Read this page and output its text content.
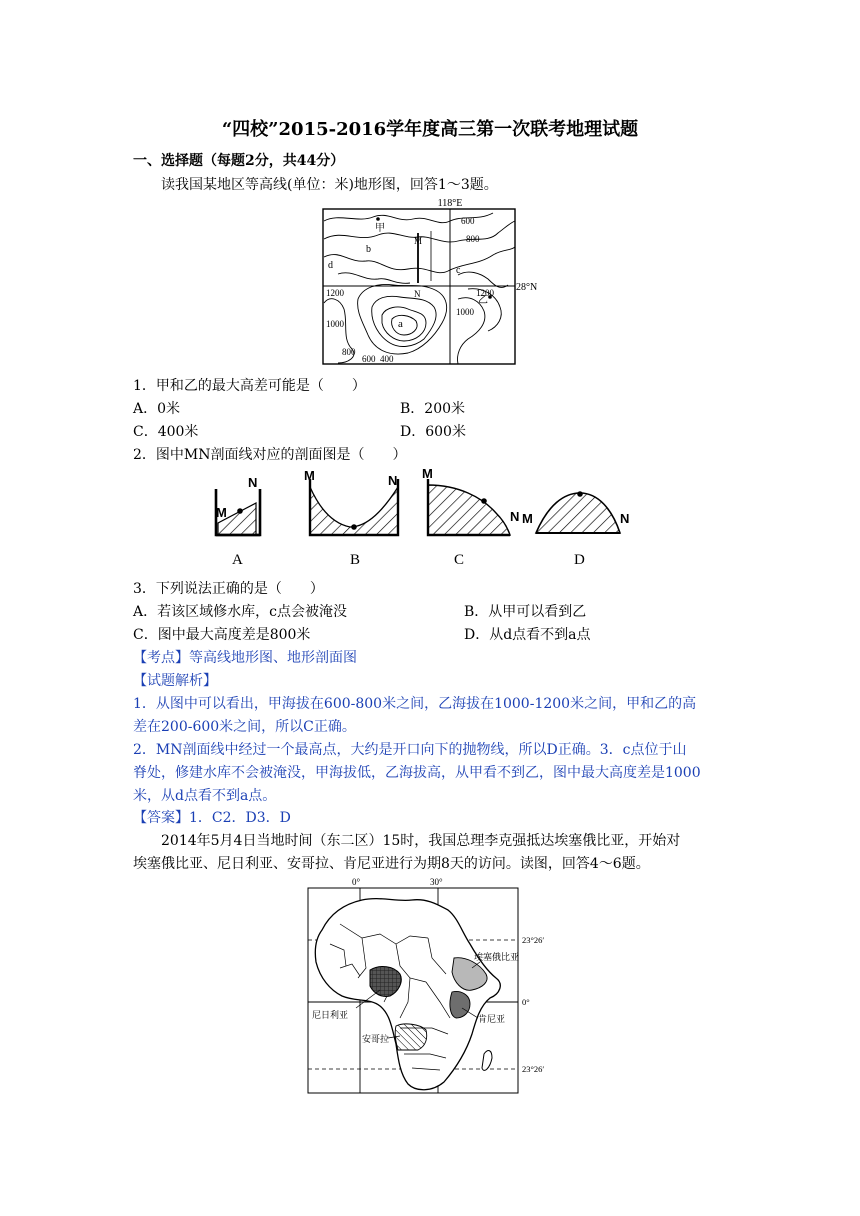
“四校”2015-2016学年度高三第一次联考地理试题
一、选择题（每题2分，共44分）
读我国某地区等高线(单位：米)地形图，回答1～3题。
118°E
28°N
甲
乙
a
b
c
d
M
N
600
800
1200
1000
1200
1000
800
600 400
1．甲和乙的最大高差可能是（　　）
A．0米	B．200米
C．400米	D．600米
2．图中MN剖面线对应的剖面图是（　　）
N
M
A
M	N
B
M
N
C
M	N
D
3．下列说法正确的是（　　）
A．若该区域修水库，c点会被淹没	B．从甲可以看到乙
C．图中最大高度差是800米	D．从d点看不到a点
【考点】等高线地形图、地形剖面图
【试题解析】
1．从图中可以看出，甲海拔在600-800米之间，乙海拔在1000-1200米之间，甲和乙的高
差在200-600米之间，所以C正确。
2．MN剖面线中经过一个最高点，大约是开口向下的抛物线，所以D正确。3．c点位于山
脊处，修建水库不会被淹没，甲海拔低，乙海拔高，从甲看不到乙，图中最大高度差是1000
米，从d点看不到a点。
【答案】1．C2．D3．D
2014年5月4日当地时间（东二区）15时，我国总理李克强抵达埃塞俄比亚，开始对
埃塞俄比亚、尼日利亚、安哥拉、肯尼亚进行为期8天的访问。读图，回答4～6题。
0°	30°
23°26′
0°
23°26′
埃塞俄比亚
肯尼亚
尼日利亚
安哥拉
